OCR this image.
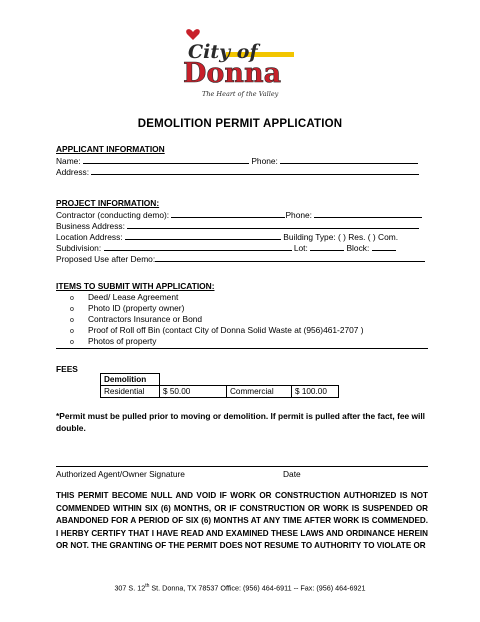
City of
Donna
The Heart of the Valley
DEMOLITION PERMIT APPLICATION
APPLICANT INFORMATION
Name:	Phone:
Address:
PROJECT INFORMATION:
Contractor (conducting demo):	Phone:
Business Address:
Location Address:	Building Type: ( ) Res. ( ) Com.
Subdivision:	Lot:	Block:
Proposed Use after Demo:
ITEMS TO SUBMIT WITH APPLICATION:
o Deed/ Lease Agreement
o Photo ID (property owner)
o Contractors Insurance or Bond
o Proof of Roll off Bin (contact City of Donna Solid Waste at (956)461-2707 )
o Photos of property
FEES
Demolition			
Residential	$ 50.00	Commercial	$ 100.00
*Permit must be pulled prior to moving or demolition. If permit is pulled after the fact, fee will double.
Authorized Agent/Owner Signature	Date
THIS PERMIT BECOME NULL AND VOID IF WORK OR CONSTRUCTION AUTHORIZED IS NOT COMMENDED WITHIN SIX (6) MONTHS, OR IF CONSTRUCTION OR WORK IS SUSPENDED OR ABANDONED FOR A PERIOD OF SIX (6) MONTHS AT ANY TIME AFTER WORK IS COMMENDED. I HERBY CERTIFY THAT I HAVE READ AND EXAMINED THESE LAWS AND ORDINANCE HEREIN OR NOT. THE GRANTING OF THE PERMIT DOES NOT RESUME TO AUTHORITY TO VIOLATE OR
307 S. 12th St. Donna, TX 78537 Office: (956) 464-6911 -- Fax: (956) 464-6921
